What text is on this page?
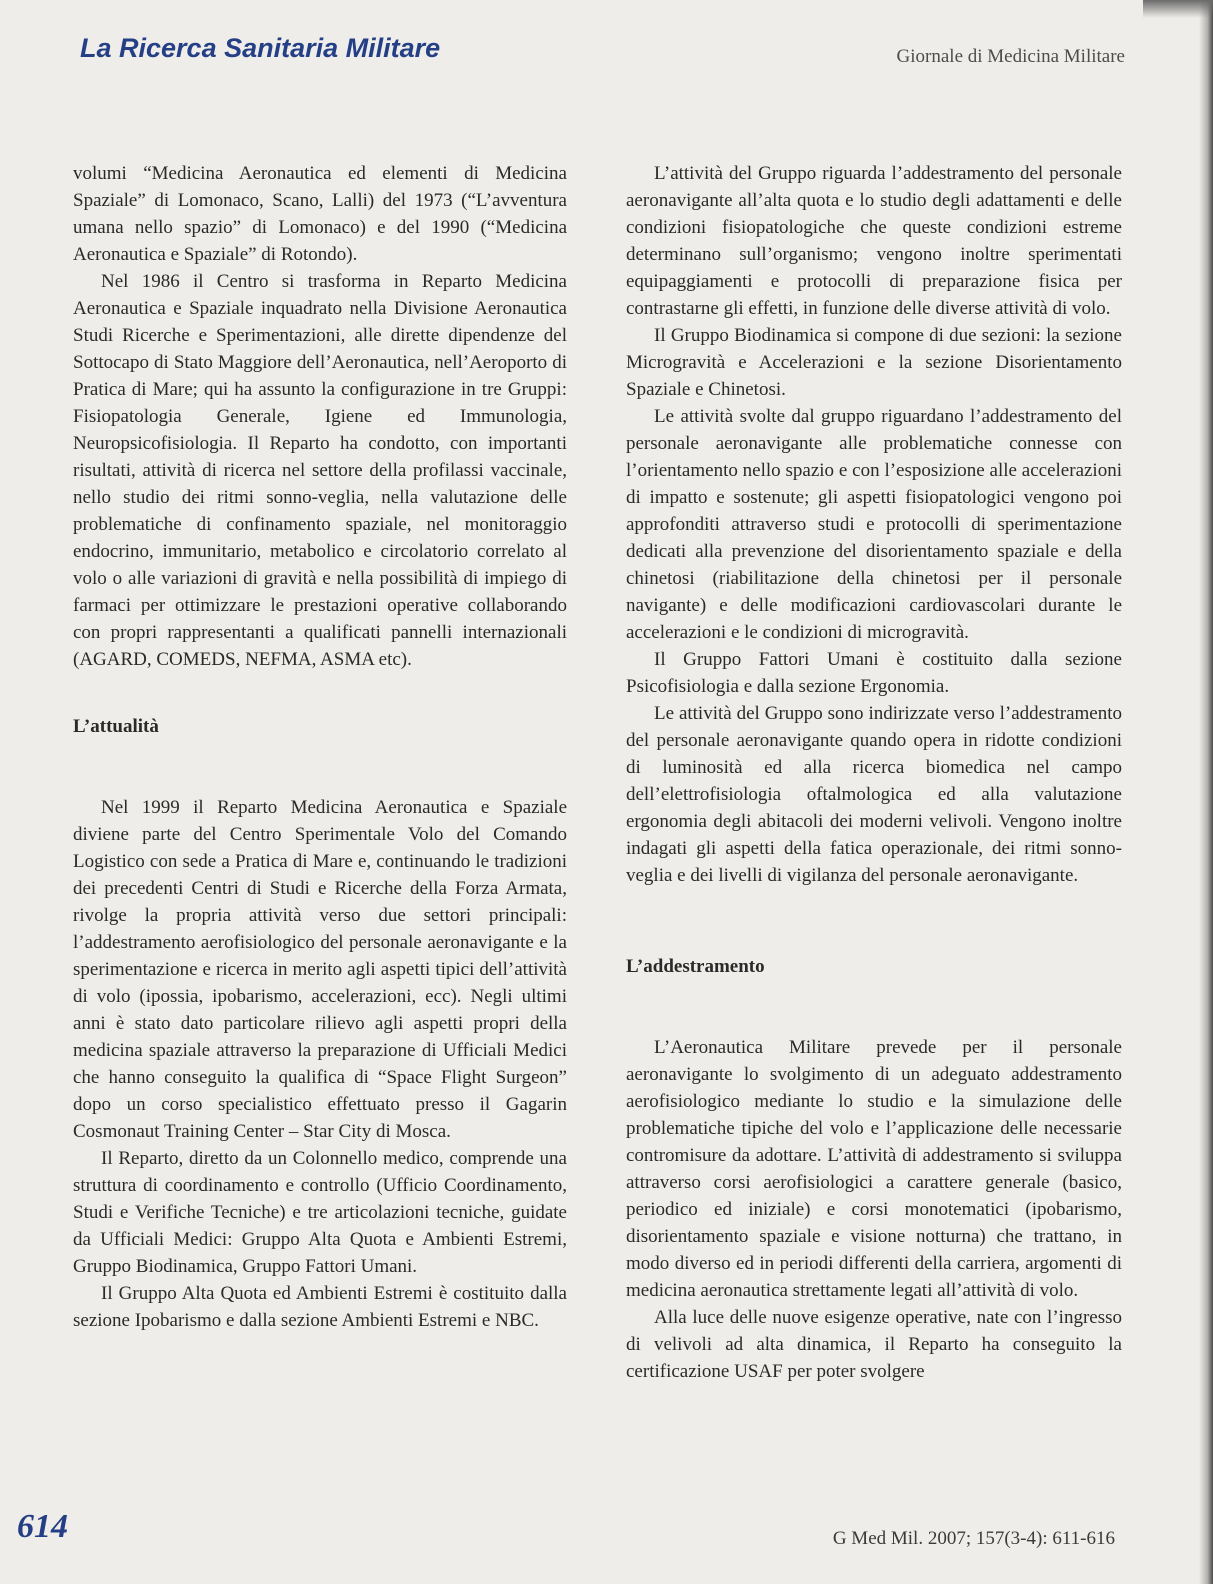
La Ricerca Sanitaria Militare	Giornale di Medicina Militare

volumi “Medicina Aeronautica ed elementi di Medicina Spaziale” di Lomonaco, Scano, Lalli) del 1973 (“L’avventura umana nello spazio” di Lomonaco) e del 1990 (“Medicina Aeronautica e Spaziale” di Rotondo).

Nel 1986 il Centro si trasforma in Reparto Medicina Aeronautica e Spaziale inquadrato nella Divisione Aeronautica Studi Ricerche e Sperimentazioni, alle dirette dipendenze del Sottocapo di Stato Maggiore dell’Aeronautica, nell’Aeroporto di Pratica di Mare; qui ha assunto la configurazione in tre Gruppi: Fisiopatologia Generale, Igiene ed Immunologia, Neuropsicofisiologia. Il Reparto ha condotto, con importanti risultati, attività di ricerca nel settore della profilassi vaccinale, nello studio dei ritmi sonno-veglia, nella valutazione delle problematiche di confinamento spaziale, nel monitoraggio endocrino, immunitario, metabolico e circolatorio correlato al volo o alle variazioni di gravità e nella possibilità di impiego di farmaci per ottimizzare le prestazioni operative collaborando con propri rappresentanti a qualificati pannelli internazionali (AGARD, COMEDS, NEFMA, ASMA etc).

L’attualità

Nel 1999 il Reparto Medicina Aeronautica e Spaziale diviene parte del Centro Sperimentale Volo del Comando Logistico con sede a Pratica di Mare e, continuando le tradizioni dei precedenti Centri di Studi e Ricerche della Forza Armata, rivolge la propria attività verso due settori principali: l’addestramento aerofisiologico del personale aeronavigante e la sperimentazione e ricerca in merito agli aspetti tipici dell’attività di volo (ipossia, ipobarismo, accelerazioni, ecc). Negli ultimi anni è stato dato particolare rilievo agli aspetti propri della medicina spaziale attraverso la preparazione di Ufficiali Medici che hanno conseguito la qualifica di “Space Flight Surgeon” dopo un corso specialistico effettuato presso il Gagarin Cosmonaut Training Center – Star City di Mosca.

Il Reparto, diretto da un Colonnello medico, comprende una struttura di coordinamento e controllo (Ufficio Coordinamento, Studi e Verifiche Tecniche) e tre articolazioni tecniche, guidate da Ufficiali Medici: Gruppo Alta Quota e Ambienti Estremi, Gruppo Biodinamica, Gruppo Fattori Umani.

Il Gruppo Alta Quota ed Ambienti Estremi è costituito dalla sezione Ipobarismo e dalla sezione Ambienti Estremi e NBC.

L’attività del Gruppo riguarda l’addestramento del personale aeronavigante all’alta quota e lo studio degli adattamenti e delle condizioni fisiopatologiche che queste condizioni estreme determinano sull’organismo; vengono inoltre sperimentati equipaggiamenti e protocolli di preparazione fisica per contrastarne gli effetti, in funzione delle diverse attività di volo.

Il Gruppo Biodinamica si compone di due sezioni: la sezione Microgravità e Accelerazioni e la sezione Disorientamento Spaziale e Chinetosi.

Le attività svolte dal gruppo riguardano l’addestramento del personale aeronavigante alle problematiche connesse con l’orientamento nello spazio e con l’esposizione alle accelerazioni di impatto e sostenute; gli aspetti fisiopatologici vengono poi approfonditi attraverso studi e protocolli di sperimentazione dedicati alla prevenzione del disorientamento spaziale e della chinetosi (riabilitazione della chinetosi per il personale navigante) e delle modificazioni cardiovascolari durante le accelerazioni e le condizioni di microgravità.

Il Gruppo Fattori Umani è costituito dalla sezione Psicofisiologia e dalla sezione Ergonomia.

Le attività del Gruppo sono indirizzate verso l’addestramento del personale aeronavigante quando opera in ridotte condizioni di luminosità ed alla ricerca biomedica nel campo dell’elettrofisiologia oftalmologica ed alla valutazione ergonomia degli abitacoli dei moderni velivoli. Vengono inoltre indagati gli aspetti della fatica operazionale, dei ritmi sonno-veglia e dei livelli di vigilanza del personale aeronavigante.

L’addestramento

L’Aeronautica Militare prevede per il personale aeronavigante lo svolgimento di un adeguato addestramento aerofisiologico mediante lo studio e la simulazione delle problematiche tipiche del volo e l’applicazione delle necessarie contromisure da adottare. L’attività di addestramento si sviluppa attraverso corsi aerofisiologici a carattere generale (basico, periodico ed iniziale) e corsi monotematici (ipobarismo, disorientamento spaziale e visione notturna) che trattano, in modo diverso ed in periodi differenti della carriera, argomenti di medicina aeronautica strettamente legati all’attività di volo.

Alla luce delle nuove esigenze operative, nate con l’ingresso di velivoli ad alta dinamica, il Reparto ha conseguito la certificazione USAF per poter svolgere

614	G Med Mil. 2007; 157(3-4): 611-616
